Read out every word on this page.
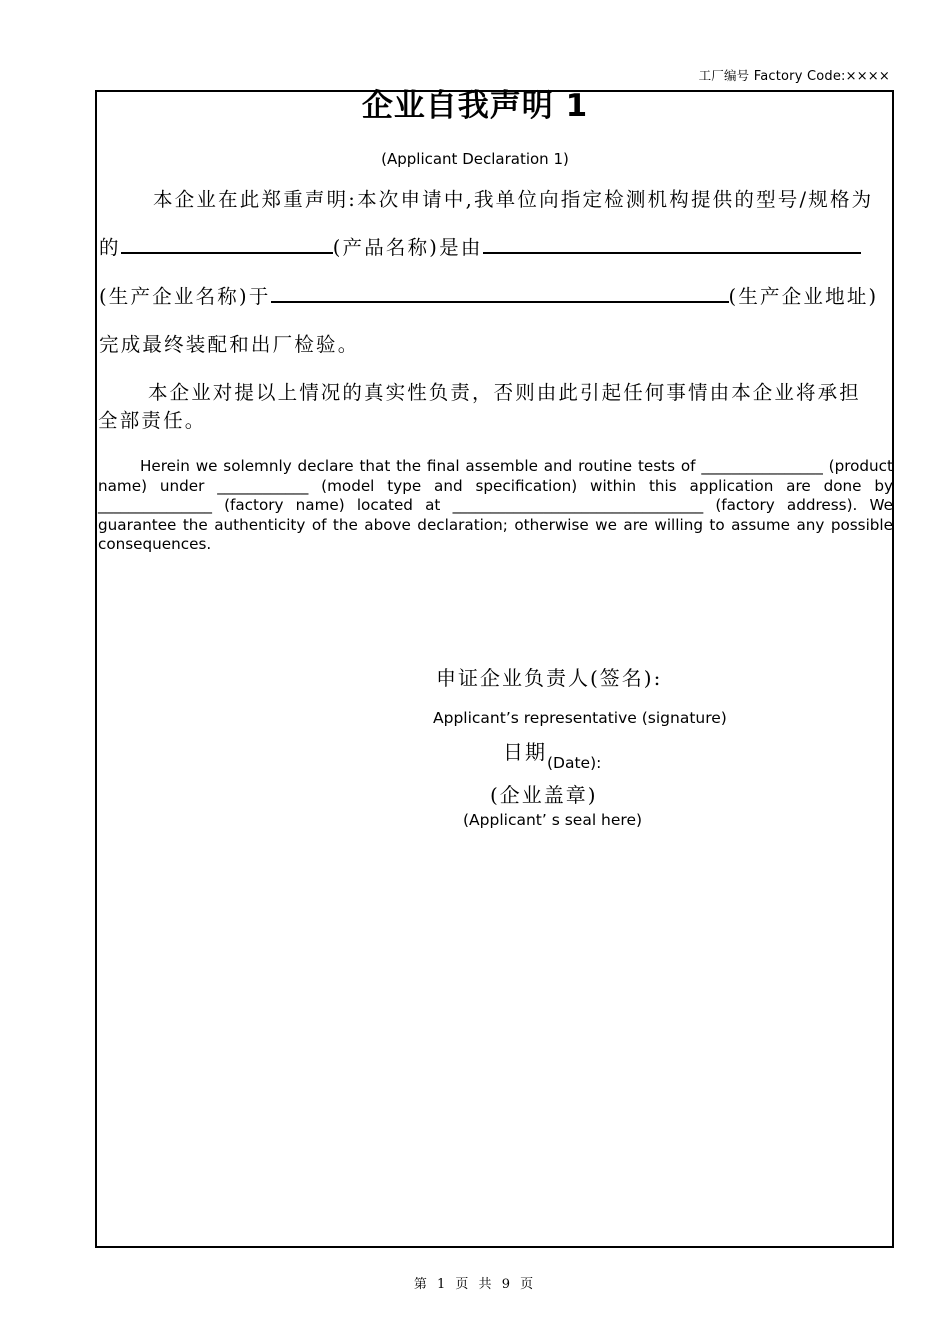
工厂编号 Factory Code:××××
企业自我声明 1
(Applicant Declaration 1)
本企业在此郑重声明:本次申请中,我单位向指定检测机构提供的型号/规格为
的	(产品名称)是由
(生产企业名称)于	(生产企业地址)
完成最终装配和出厂检验。
本企业对提以上情况的真实性负责，否则由此引起任何事情由本企业将承担
全部责任。
Herein we solemnly declare that the final assemble and routine tests of ________________ (product name) under ____________ (model type and specification) within this application are done by _______________ (factory name) located at _________________________________ (factory address). We guarantee the authenticity of the above declaration; otherwise we are willing to assume any possible consequences.
申证企业负责人(签名):
Applicant’s representative (signature)
日期(Date):
(企业盖章)
(Applicant’ s seal here)
第 1 页 共 9 页
